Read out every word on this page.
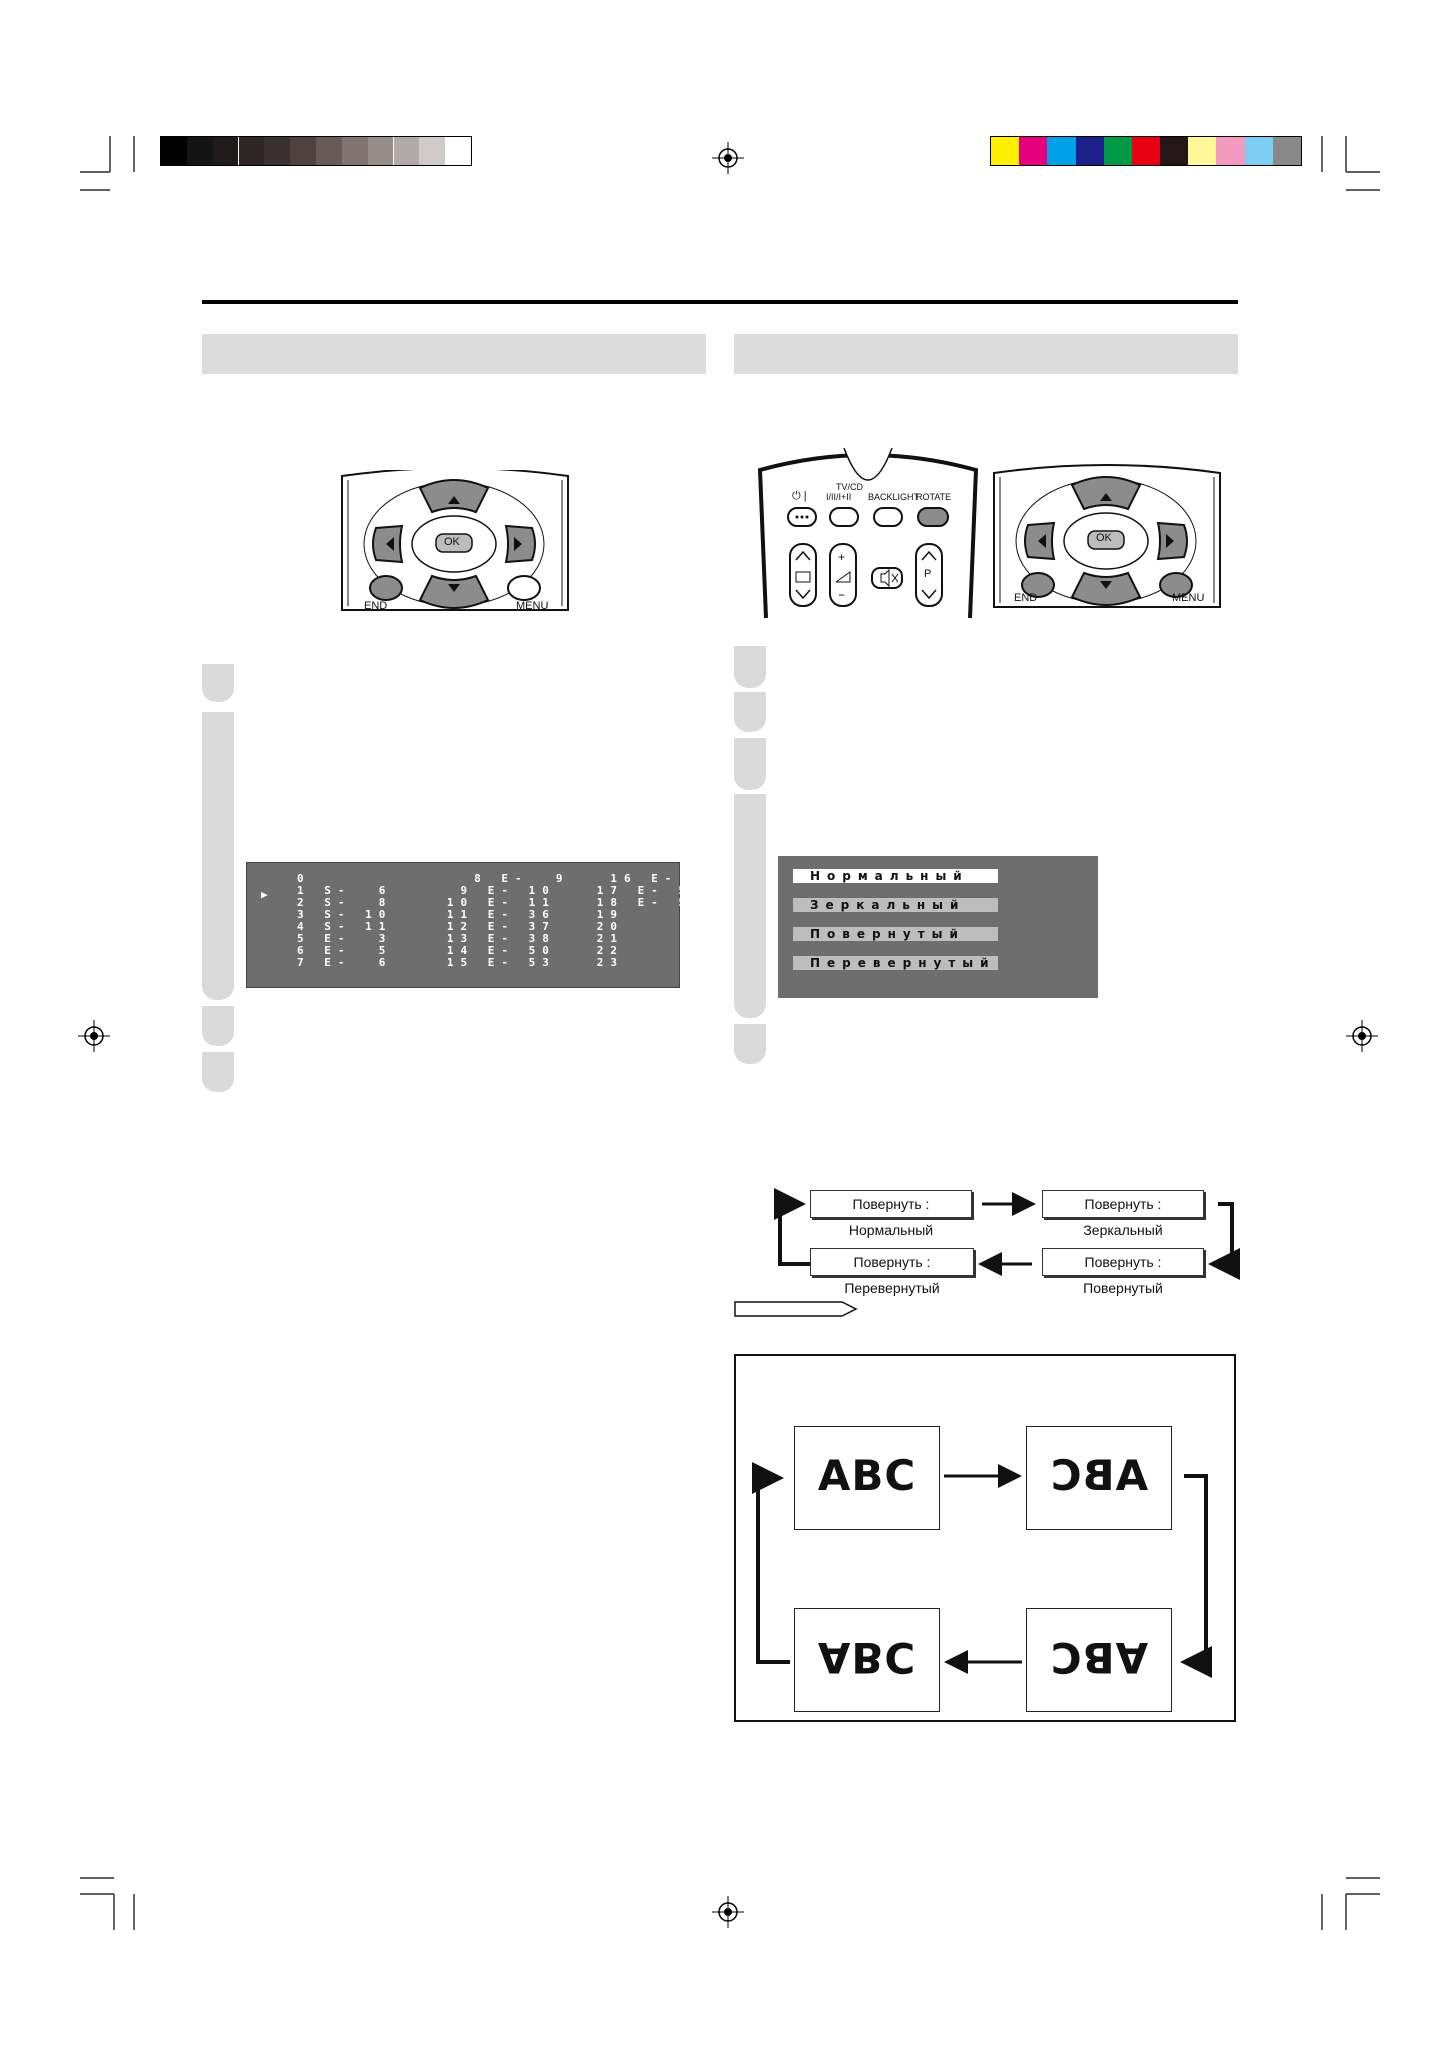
OK
END	MENU
▶
0            8 E-  9   16 E- 54
1 S-  6     9 E- 10   17 E- 56
2 S-  8    10 E- 11   18 E- 57
3 S- 10    11 E- 36   19
4 S- 11    12 E- 37   20
5 E-  3    13 E- 38   21
6 E-  5    14 E- 50   22
7 E-  6    15 E- 53   23
⏻ |
TV/CD
I/II/I+II BACKLIGHT
ROTATE
+
−
P
OK
END	MENU
Нормальный
Зеркальный
Повернутый
Перевернутый
Повернуть : Нормальный
Повернуть : Зеркальный
Повернуть : Перевернутый
Повернуть : Повернутый
ABC	ABC
ABC	ABC
